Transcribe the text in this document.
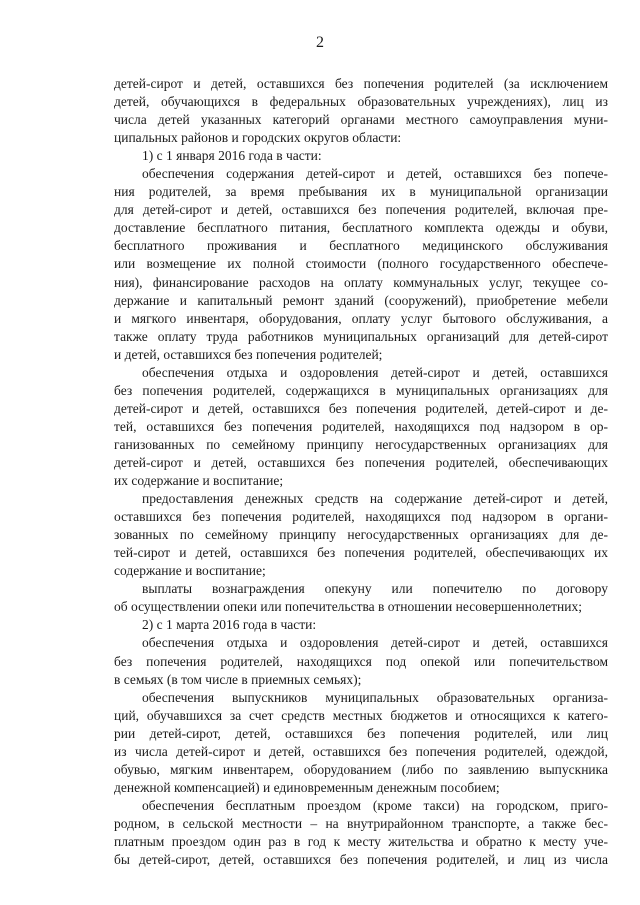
2
детей-сирот и детей, оставшихся без попечения родителей (за исключением
детей, обучающихся в федеральных образовательных учреждениях), лиц из
числа детей указанных категорий органами местного самоуправления муни-
ципальных районов и городских округов области:
1) с 1 января 2016 года в части:
обеспечения содержания детей-сирот и детей, оставшихся без попече-
ния родителей, за время пребывания их в муниципальной организации
для детей-сирот и детей, оставшихся без попечения родителей, включая пре-
доставление бесплатного питания, бесплатного комплекта одежды и обуви,
бесплатного проживания и бесплатного медицинского обслуживания
или возмещение их полной стоимости (полного государственного обеспече-
ния), финансирование расходов на оплату коммунальных услуг, текущее со-
держание и капитальный ремонт зданий (сооружений), приобретение мебели
и мягкого инвентаря, оборудования, оплату услуг бытового обслуживания, а
также оплату труда работников муниципальных организаций для детей-сирот
и детей, оставшихся без попечения родителей;
обеспечения отдыха и оздоровления детей-сирот и детей, оставшихся
без попечения родителей, содержащихся в муниципальных организациях для
детей-сирот и детей, оставшихся без попечения родителей, детей-сирот и де-
тей, оставшихся без попечения родителей, находящихся под надзором в ор-
ганизованных по семейному принципу негосударственных организациях для
детей-сирот и детей, оставшихся без попечения родителей, обеспечивающих
их содержание и воспитание;
предоставления денежных средств на содержание детей-сирот и детей,
оставшихся без попечения родителей, находящихся под надзором в органи-
зованных по семейному принципу негосударственных организациях для де-
тей-сирот и детей, оставшихся без попечения родителей, обеспечивающих их
содержание и воспитание;
выплаты вознаграждения опекуну или попечителю по договору
об осуществлении опеки или попечительства в отношении несовершеннолетних;
2) с 1 марта 2016 года в части:
обеспечения отдыха и оздоровления детей-сирот и детей, оставшихся
без попечения родителей, находящихся под опекой или попечительством
в семьях (в том числе в приемных семьях);
обеспечения выпускников муниципальных образовательных организа-
ций, обучавшихся за счет средств местных бюджетов и относящихся к катего-
рии детей-сирот, детей, оставшихся без попечения родителей, или лиц
из числа детей-сирот и детей, оставшихся без попечения родителей, одеждой,
обувью, мягким инвентарем, оборудованием (либо по заявлению выпускника
денежной компенсацией) и единовременным денежным пособием;
обеспечения бесплатным проездом (кроме такси) на городском, приго-
родном, в сельской местности – на внутрирайонном транспорте, а также бес-
платным проездом один раз в год к месту жительства и обратно к месту уче-
бы детей-сирот, детей, оставшихся без попечения родителей, и лиц из числа
